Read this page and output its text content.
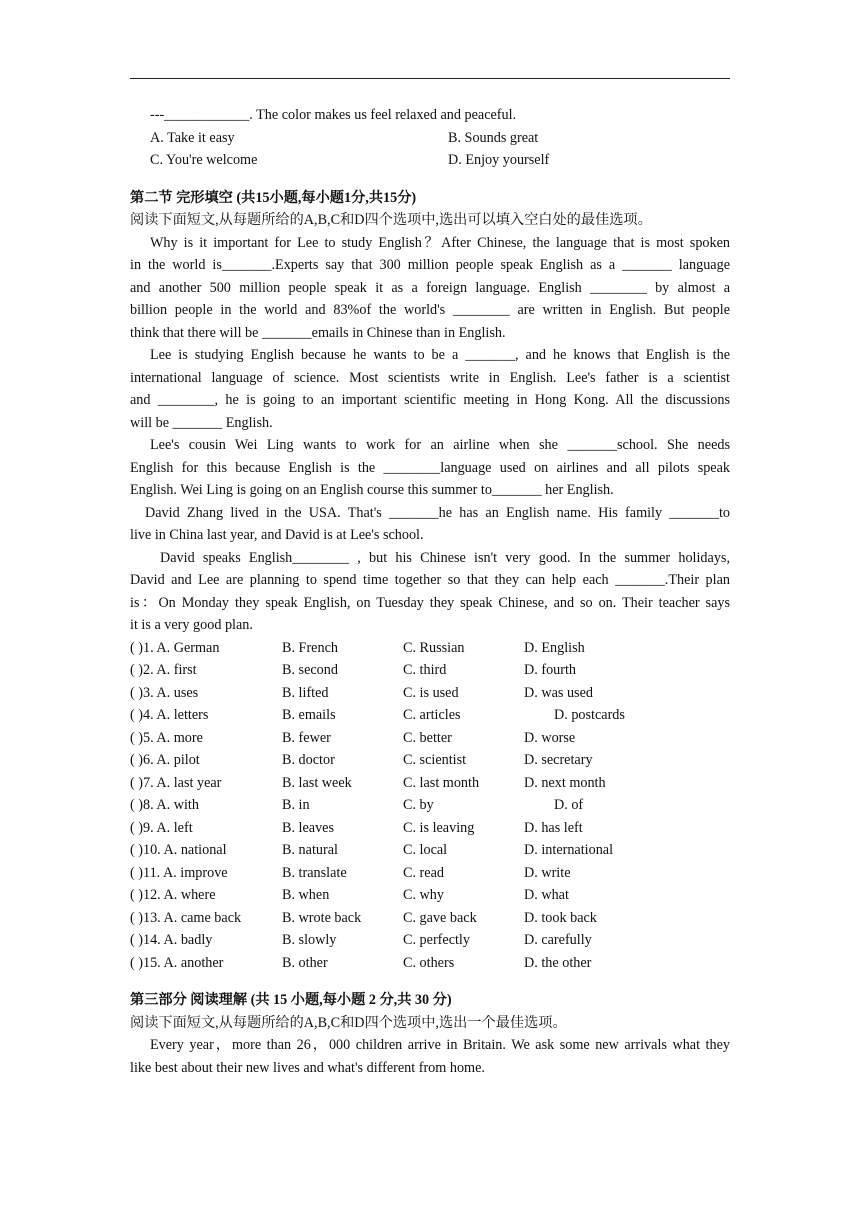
---____________. The color makes us feel relaxed and peaceful.
A. Take it easy	B. Sounds great
C. You're welcome	D. Enjoy yourself
第二节 完形填空 (共15小题,每小题1分,共15分)
阅读下面短文,从每题所给的A,B,C和D四个选项中,选出可以填入空白处的最佳选项。
Why is it important for Lee to study English？After Chinese, the language that is most spoken
in the world is_______.Experts say that 300 million people speak English as a _______ language
and another 500 million people speak it as a foreign language. English ________ by almost a
billion people in the world and 83%of the world's ________ are written in English. But people
think that there will be _______emails in Chinese than in English.
Lee is studying English because he wants to be a _______, and he knows that English is the
international language of science. Most scientists write in English. Lee's father is a scientist
and ________, he is going to an important scientific meeting in Hong Kong. All the discussions
will be _______ English.
Lee's cousin Wei Ling wants to work for an airline when she _______school. She needs
English for this because English is the ________language used on airlines and all pilots speak
English. Wei Ling is going on an English course this summer to_______ her English.
David Zhang lived in the USA. That's _______he has an English name. His family _______to
live in China last year, and David is at Lee's school.
David speaks English________ , but his Chinese isn't very good. In the summer holidays,
David and Lee are planning to spend time together so that they can help each _______.Their plan
is：On Monday they speak English, on Tuesday they speak Chinese, and so on. Their teacher says
it is a very good plan.
( )1. A. German	B. French	C. Russian	D. English
( )2. A. first	B. second	C. third	D. fourth
( )3. A. uses	B. lifted	C. is used	D. was used
( )4. A. letters	B. emails	C. articles	D. postcards
( )5. A. more	B. fewer	C. better	D. worse
( )6. A. pilot	B. doctor	C. scientist	D. secretary
( )7. A. last year	B. last week	C. last month	D. next month
( )8. A. with	B. in	C. by	D. of
( )9. A. left	B. leaves	C. is leaving	D. has left
( )10. A. national	B. natural	C. local	D. international
( )11. A. improve	B. translate	C. read	D. write
( )12. A. where	B. when	C. why	D. what
( )13. A. came back	B. wrote back	C. gave back	D. took back
( )14. A. badly	B. slowly	C. perfectly	D. carefully
( )15. A. another	B. other	C. others	D. the other
第三部分 阅读理解 (共 15 小题,每小题 2 分,共 30 分)
阅读下面短文,从每题所给的A,B,C和D四个选项中,选出一个最佳选项。
Every year，more than 26，000 children arrive in Britain. We ask some new arrivals what they
like best about their new lives and what's different from home.
